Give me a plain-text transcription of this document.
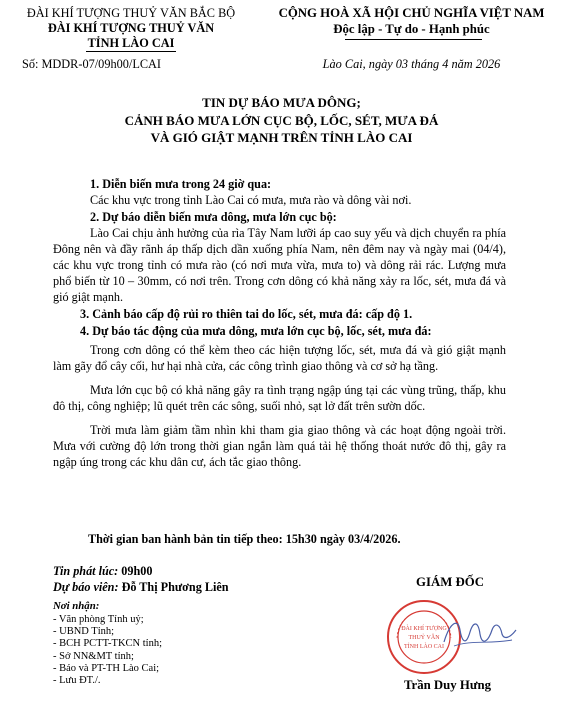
ĐÀI KHÍ TƯỢNG THUỶ VĂN BẮC BỘ
ĐÀI KHÍ TƯỢNG THUỶ VĂN
TỈNH LÀO CAI
Số: MDDR-07/09h00/LCAI
CỘNG HOÀ XÃ HỘI CHỦ NGHĨA VIỆT NAM
Độc lập - Tự do - Hạnh phúc
Lào Cai, ngày 03 tháng 4 năm 2026
TIN DỰ BÁO MƯA DÔNG;
CẢNH BÁO MƯA LỚN CỤC BỘ, LỐC, SÉT, MƯA ĐÁ
VÀ GIÓ GIẬT MẠNH TRÊN TỈNH LÀO CAI
1. Diễn biến mưa trong 24 giờ qua:
Các khu vực trong tỉnh Lào Cai có mưa, mưa rào và dông vài nơi.
2. Dự báo diễn biến mưa dông, mưa lớn cục bộ:
Lào Cai chịu ảnh hưởng của rìa Tây Nam lưỡi áp cao suy yếu và dịch chuyển ra phía Đông nên và đầy rãnh áp thấp dịch dần xuống phía Nam, nên đêm nay và ngày mai (04/4), các khu vực trong tỉnh có mưa rào (có nơi mưa vừa, mưa to) và dông rải rác. Lượng mưa phổ biến từ 10 – 30mm, có nơi trên. Trong cơn dông có khả năng xảy ra lốc, sét, mưa đá và gió giật mạnh.
3. Cảnh báo cấp độ rủi ro thiên tai do lốc, sét, mưa đá: cấp độ 1.
4. Dự báo tác động của mưa dông, mưa lớn cục bộ, lốc, sét, mưa đá:
Trong cơn dông có thể kèm theo các hiện tượng lốc, sét, mưa đá và gió giật mạnh làm gãy đổ cây cối, hư hại nhà cửa, các công trình giao thông và cơ sở hạ tầng.
Mưa lớn cục bộ có khả năng gây ra tình trạng ngập úng tại các vùng trũng, thấp, khu đô thị, công nghiệp; lũ quét trên các sông, suối nhỏ, sạt lở đất trên sườn dốc.
Trời mưa làm giảm tầm nhìn khi tham gia giao thông và các hoạt động ngoài trời. Mưa với cường độ lớn trong thời gian ngắn làm quá tải hệ thống thoát nước đô thị, gây ra ngập úng trong các khu dân cư, ách tắc giao thông.
Thời gian ban hành bản tin tiếp theo: 15h30 ngày 03/4/2026.
Tin phát lúc: 09h00
Dự báo viên: Đỗ Thị Phương Liên
Nơi nhận:
- Văn phòng Tỉnh uỷ;
- UBND Tỉnh;
- BCH PCTT-TKCN tỉnh;
- Sở NN&MT tỉnh;
- Báo và PT-TH Lào Cai;
- Lưu ĐT./.
GIÁM ĐỐC
ĐÀI KHÍ TƯỢNG
THUỶ VĂN
TỈNH LÀO CAI
Trần Duy Hưng
